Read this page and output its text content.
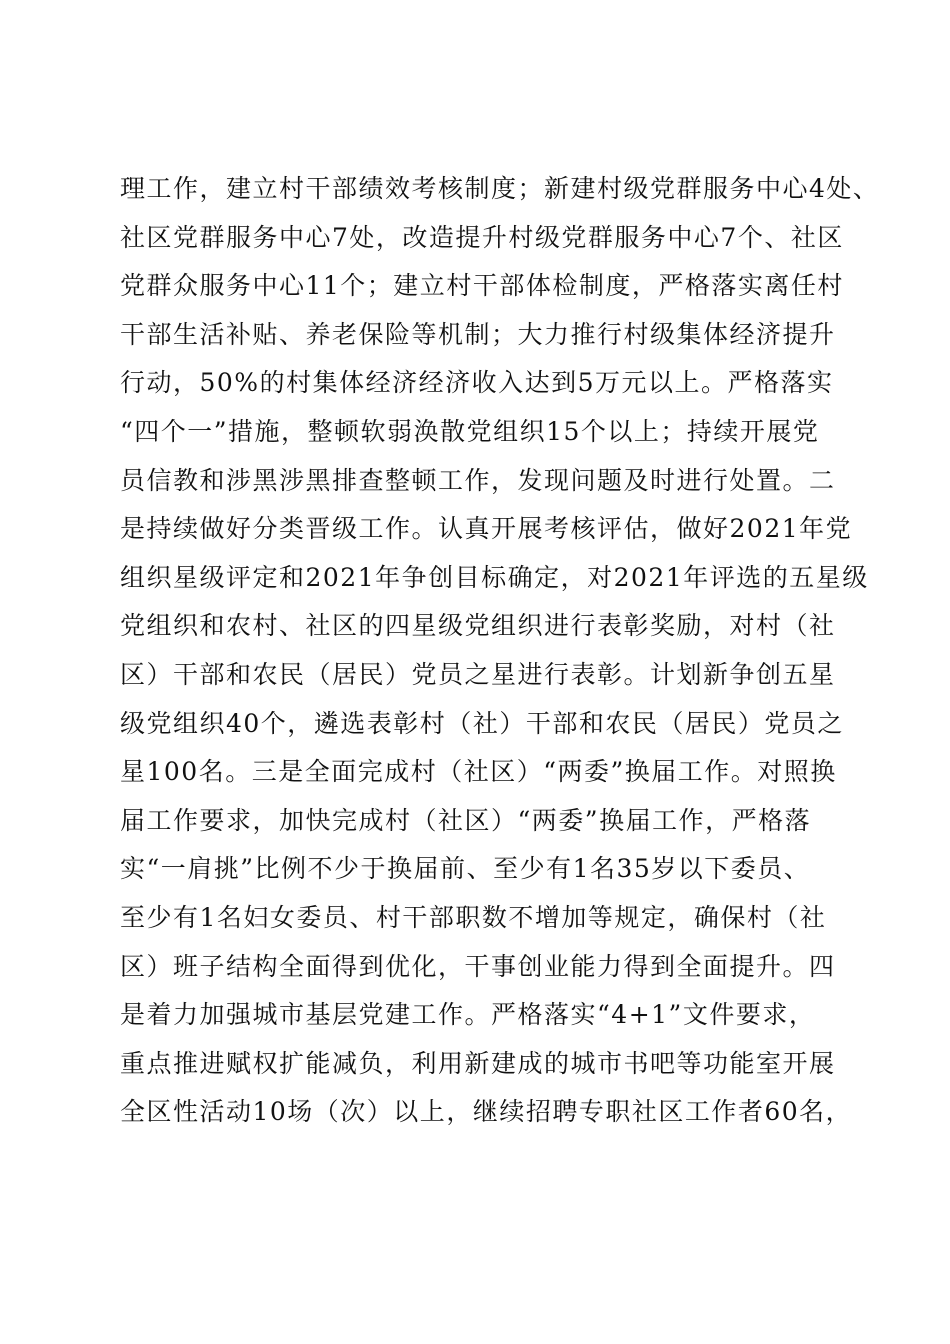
理工作，建立村干部绩效考核制度；新建村级党群服务中心4处、
社区党群服务中心7处，改造提升村级党群服务中心7个、社区
党群众服务中心11个；建立村干部体检制度，严格落实离任村
干部生活补贴、养老保险等机制；大力推行村级集体经济提升
行动，50%的村集体经济经济收入达到5万元以上。严格落实
“四个一”措施，整顿软弱涣散党组织15个以上；持续开展党
员信教和涉黑涉黑排查整顿工作，发现问题及时进行处置。二
是持续做好分类晋级工作。认真开展考核评估，做好2021年党
组织星级评定和2021年争创目标确定，对2021年评选的五星级
党组织和农村、社区的四星级党组织进行表彰奖励，对村（社
区）干部和农民（居民）党员之星进行表彰。计划新争创五星
级党组织40个，遴选表彰村（社）干部和农民（居民）党员之
星100名。三是全面完成村（社区）“两委”换届工作。对照换
届工作要求，加快完成村（社区）“两委”换届工作，严格落
实“一肩挑”比例不少于换届前、至少有1名35岁以下委员、
至少有1名妇女委员、村干部职数不增加等规定，确保村（社
区）班子结构全面得到优化，干事创业能力得到全面提升。四
是着力加强城市基层党建工作。严格落实“4+1”文件要求，
重点推进赋权扩能减负，利用新建成的城市书吧等功能室开展
全区性活动10场（次）以上，继续招聘专职社区工作者60名，
